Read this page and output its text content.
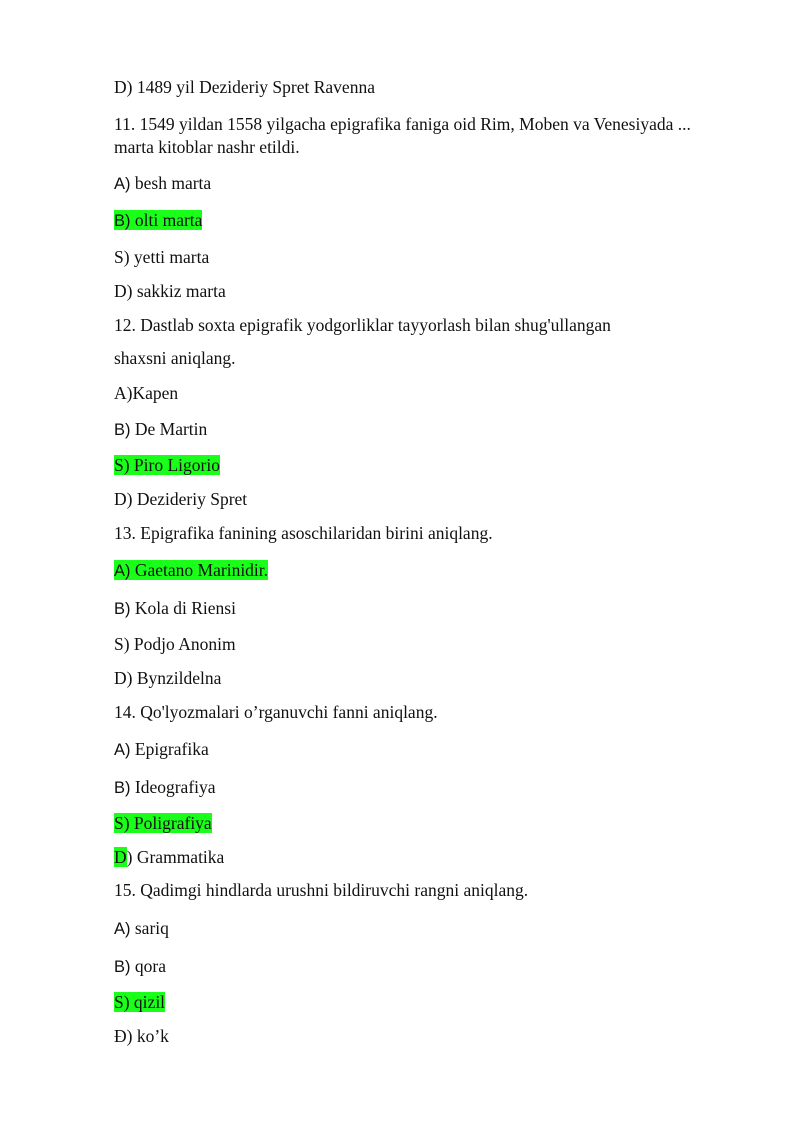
D) 1489 yil Dezideriy Spret Ravenna
11. 1549 yildan 1558 yilgacha epigrafika faniga oid Rim, Moben va Venesiyada ...
marta kitoblar nashr etildi.
A) besh marta
B) olti marta
S) yetti marta
D) sakkiz marta
12. Dastlab soxta epigrafik yodgorliklar tayyorlash bilan shug'ullangan
shaxsni aniqlang.
A)Kapen
B) De Martin
S) Piro Ligorio
D) Dezideriy Spret
13. Epigrafika fanining asoschilaridan birini aniqlang.
A) Gaetano Marinidir.
B) Kola di Riensi
S) Podjo Anonim
D) Bynzildelna
14. Qo'lyozmalari o’rganuvchi fanni aniqlang.
A) Epigrafika
B) Ideografiya
S) Poligrafiya
D) Grammatika
15. Qadimgi hindlarda urushni bildiruvchi rangni aniqlang.
A) sariq
B) qora
S) qizil
Đ) ko’k
